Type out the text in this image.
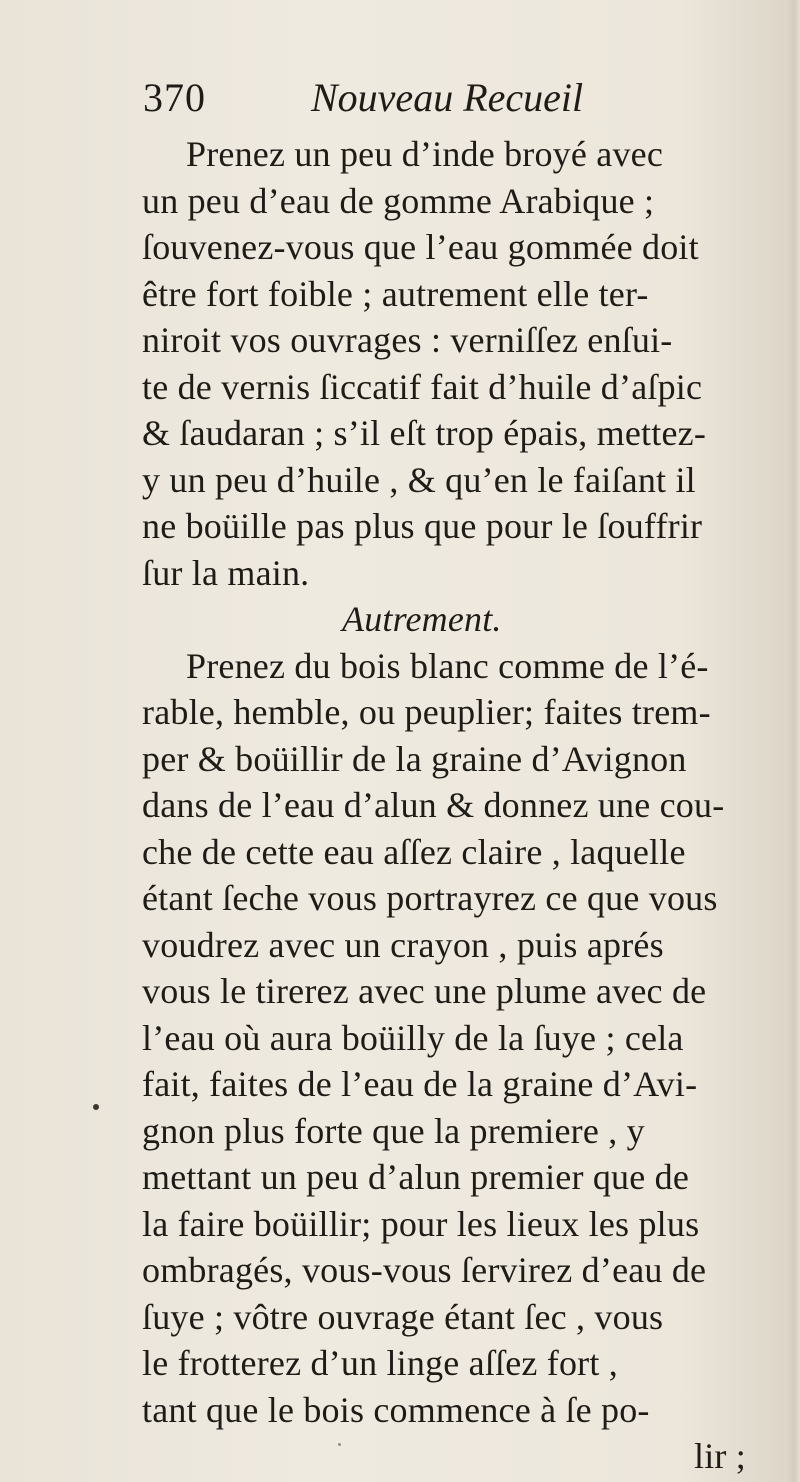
370	Nouveau Recueil
Prenez un peu d’inde broyé avec
un peu d’eau de gomme Arabique ;
ſouvenez-vous que l’eau gommée doit
être fort foible ; autrement elle ter-
niroit vos ouvrages : verniſſez enſui-
te de vernis ſiccatif fait d’huile d’aſpic
& ſaudaran ; s’il eſt trop épais, mettez-
y un peu d’huile , & qu’en le faiſant il
ne boüille pas plus que pour le ſouffrir
ſur la main.
Autrement.
Prenez du bois blanc comme de l’é-
rable, hemble, ou peuplier; faites trem-
per & boüillir de la graine d’Avignon
dans de l’eau d’alun & donnez une cou-
che de cette eau aſſez claire , laquelle
étant ſeche vous portrayrez ce que vous
voudrez avec un crayon , puis aprés
vous le tirerez avec une plume avec de
l’eau où aura boüilly de la ſuye ; cela
fait, faites de l’eau de la graine d’Avi-
gnon plus forte que la premiere , y
mettant un peu d’alun premier que de
la faire boüillir; pour les lieux les plus
ombragés, vous-vous ſervirez d’eau de
ſuye ; vôtre ouvrage étant ſec , vous
le frotterez d’un linge aſſez fort ,
tant que le bois commence à ſe po-
lir ;
